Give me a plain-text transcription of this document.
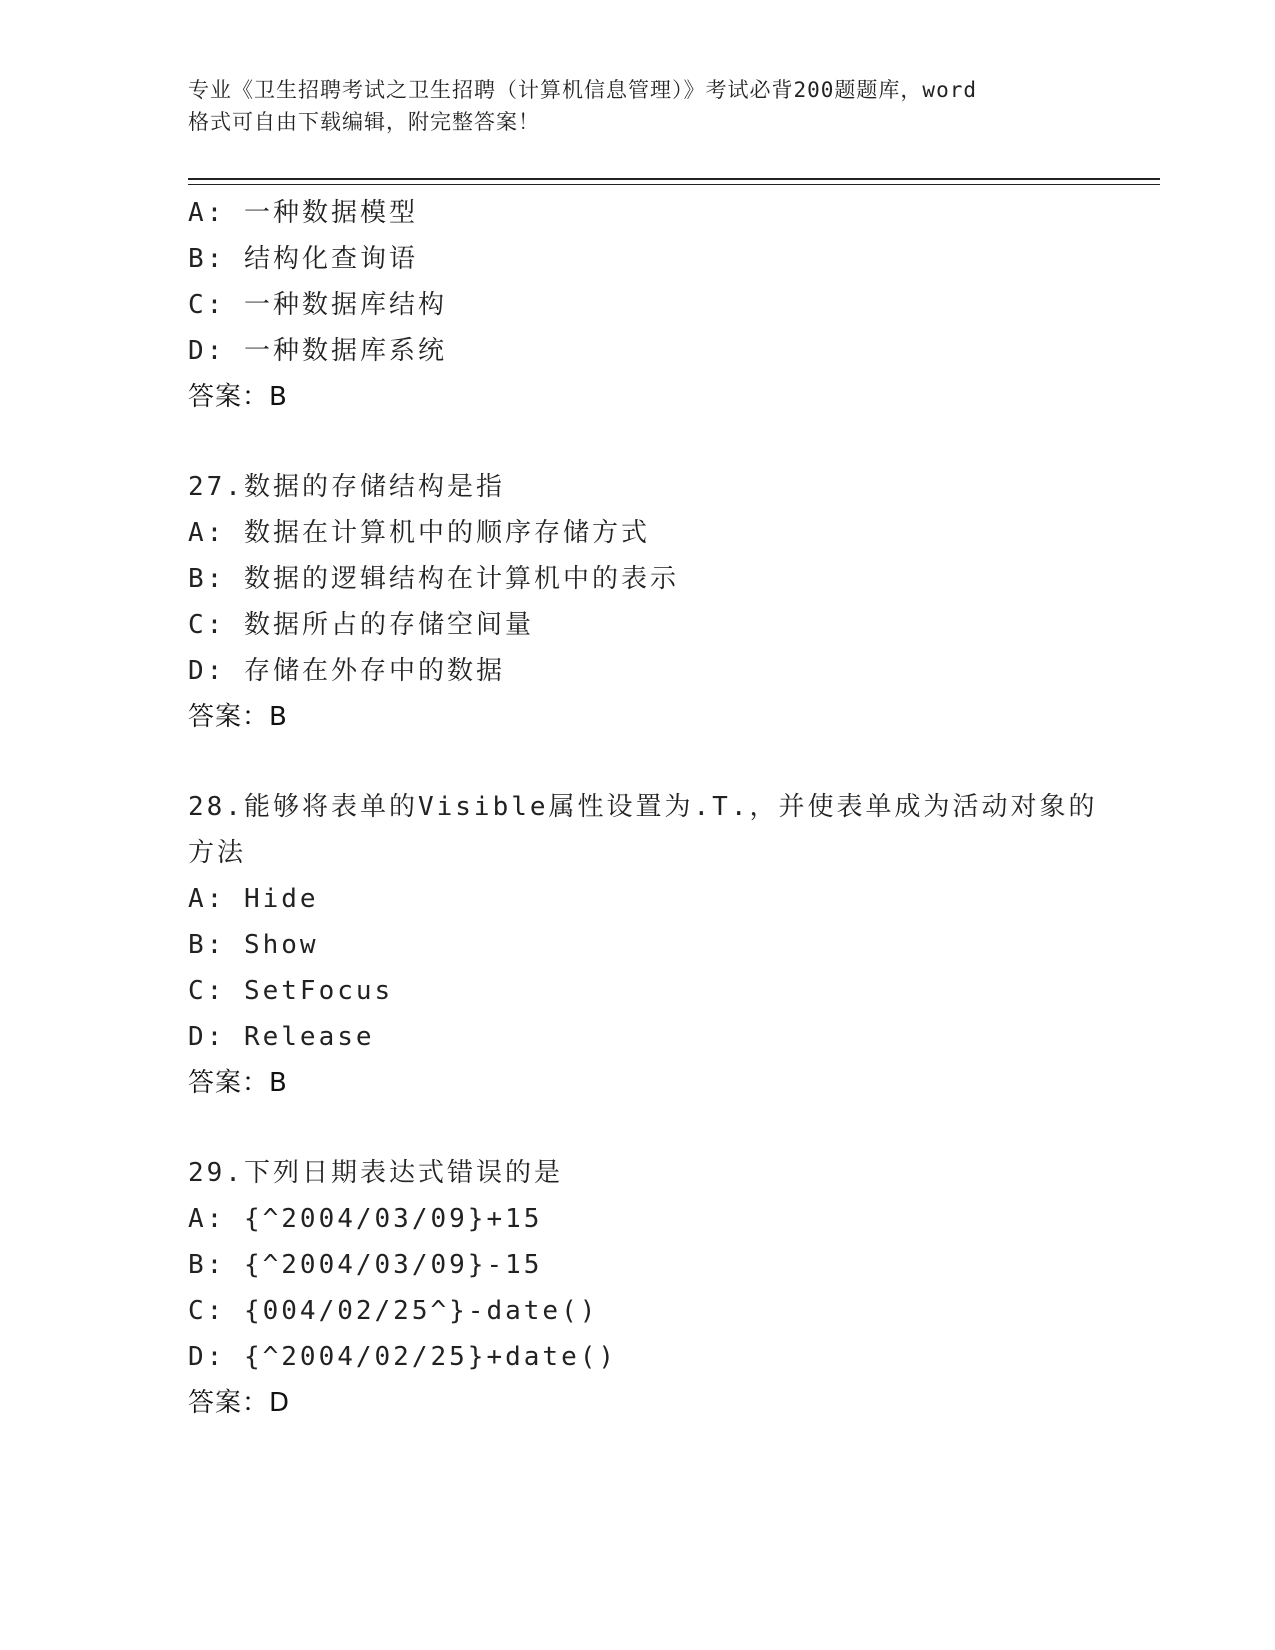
专业《卫生招聘考试之卫生招聘（计算机信息管理）》考试必背200题题库，word
格式可自由下载编辑，附完整答案！
A: 一种数据模型
B: 结构化查询语
C: 一种数据库结构
D: 一种数据库系统
答案：B
27.数据的存储结构是指
A: 数据在计算机中的顺序存储方式
B: 数据的逻辑结构在计算机中的表示
C: 数据所占的存储空间量
D: 存储在外存中的数据
答案：B
28.能够将表单的Visible属性设置为.T.，并使表单成为活动对象的
方法
A: Hide
B: Show
C: SetFocus
D: Release
答案：B
29.下列日期表达式错误的是
A: {^2004/03/09}+15
B: {^2004/03/09}-15
C: {004/02/25^}-date()
D: {^2004/02/25}+date()
答案：D
